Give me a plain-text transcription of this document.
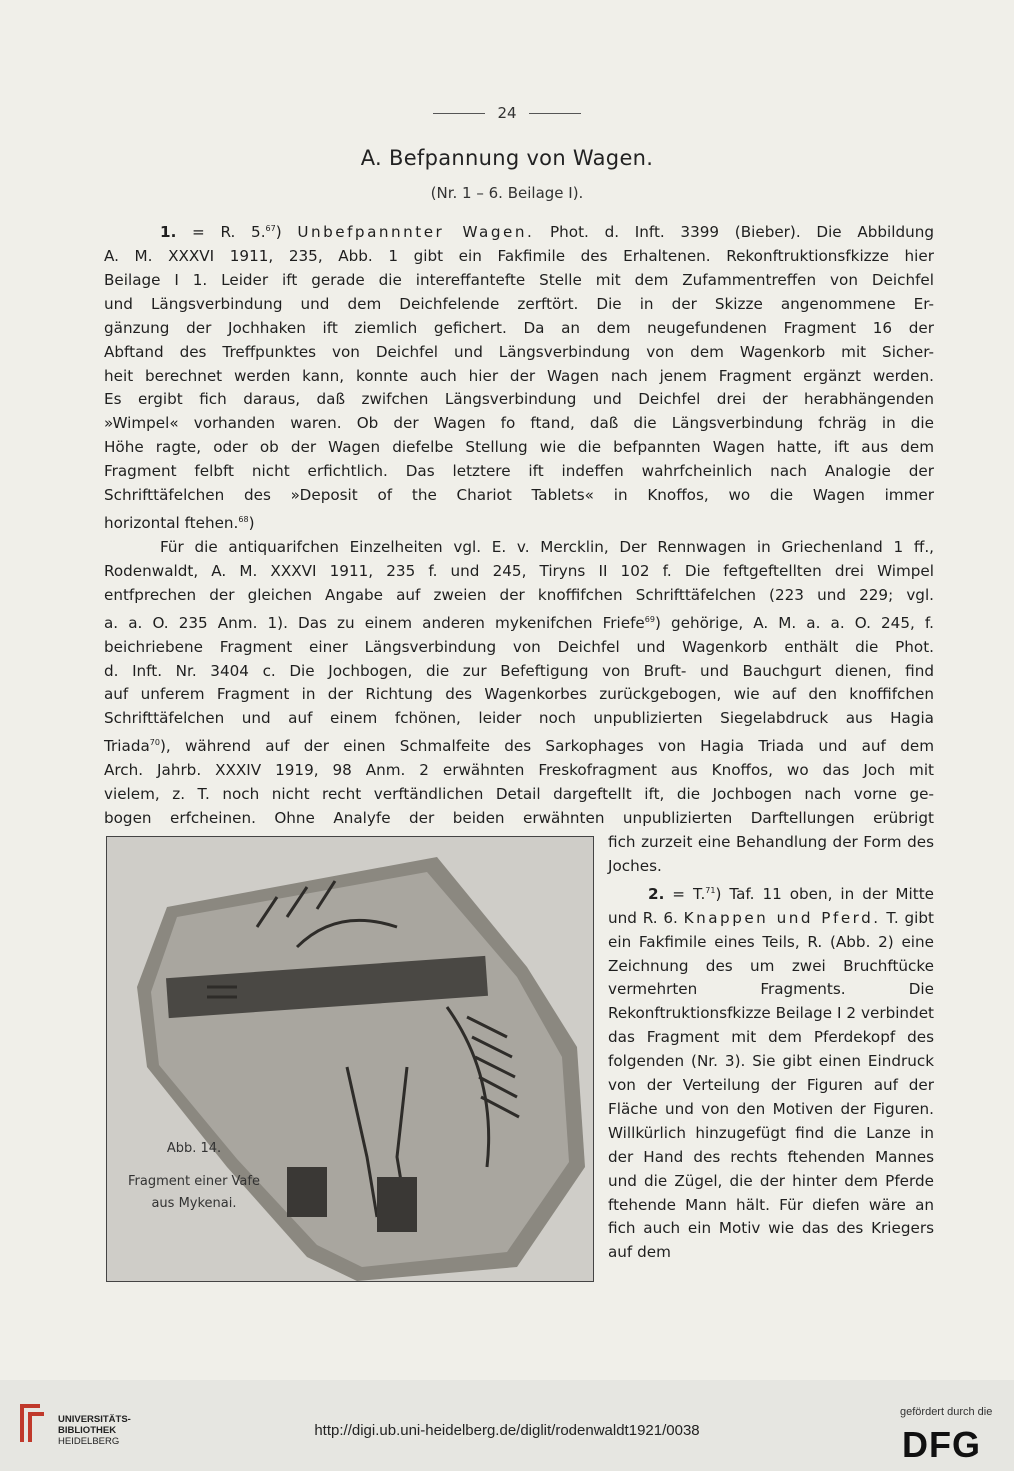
24
A. Befpannung von Wagen.
(Nr. 1 – 6. Beilage I).

1. = R. 5.67) Unbefpannnter Wagen. Phot. d. Inft. 3399 (Bieber). Die Abbildung

A. M. XXXVI 1911, 235, Abb. 1 gibt ein Fakfimile des Erhaltenen. Rekonftruktionsfkizze hier

Beilage I 1. Leider ift gerade die intereffantefte Stelle mit dem Zufammentreffen von Deichfel

und Längsverbindung und dem Deichfelende zerftört. Die in der Skizze angenommene Er-

gänzung der Jochhaken ift ziemlich gefichert. Da an dem neugefundenen Fragment 16 der

Abftand des Treffpunktes von Deichfel und Längsverbindung von dem Wagenkorb mit Sicher-

heit berechnet werden kann, konnte auch hier der Wagen nach jenem Fragment ergänzt werden.

Es ergibt fich daraus, daß zwifchen Längsverbindung und Deichfel drei der herabhängenden

»Wimpel« vorhanden waren. Ob der Wagen fo ftand, daß die Längsverbindung fchräg in die

Höhe ragte, oder ob der Wagen diefelbe Stellung wie die befpannten Wagen hatte, ift aus dem

Fragment felbft nicht erfichtlich. Das letztere ift indeffen wahrfcheinlich nach Analogie der

Schrifttäfelchen des »Deposit of the Chariot Tablets« in Knoffos, wo die Wagen immer

horizontal ftehen.$^{68}$)

Für die antiquarifchen Einzelheiten vgl. E. v. Mercklin, Der Rennwagen in Griechenland 1 ff.,

Rodenwaldt, A. M. XXXVI 1911, 235 f. und 245, Tiryns II 102 f. Die feftgeftellten drei Wimpel

entfprechen der gleichen Angabe auf zweien der knoffifchen Schrifttäfelchen (223 und 229; vgl.

a. a. O. 235 Anm. 1). Das zu einem anderen mykenifchen Friefe$^{69}$) gehörige, A. M. a. a. O. 245, f.

beichriebene Fragment einer Längsverbindung von Deichfel und Wagenkorb enthält die Phot.

d. Inft. Nr. 3404 c. Die Jochbogen, die zur Befeftigung von Bruft- und Bauchgurt dienen, find

auf unferem Fragment in der Richtung des Wagenkorbes zurückgebogen, wie auf den knoffifchen

Schrifttäfelchen und auf einem fchönen, leider noch unpublizierten Siegelabdruck aus Hagia

Triada$^{70}$), während auf der einen Schmalfeite des Sarkophages von Hagia Triada und auf dem

Arch. Jahrb. XXXIV 1919, 98 Anm. 2 erwähnten Freskofragment aus Knoffos, wo das Joch mit

vielem, z. T. noch nicht recht verftändlichen Detail dargeftellt ift, die Jochbogen nach vorne ge-

bogen erfcheinen. Ohne Analyfe der beiden erwähnten unpublizierten Darftellungen erübrigt

Abb. 14.
Fragment einer Vafe
aus Mykenai.

fich zurzeit eine Behandlung der Form des Joches.

2. = T.$^{71}$) Taf. 11 oben, in der Mitte und R. 6. Knappen und Pferd. T. gibt ein Fakfimile eines Teils, R. (Abb. 2) eine Zeichnung des um zwei Bruchftücke vermehrten Fragments. Die Rekonftruktionsfkizze Beilage I 2 verbindet das Fragment mit dem Pferdekopf des folgenden (Nr. 3). Sie gibt einen Eindruck von der Verteilung der Figuren auf der Fläche und von den Motiven der Figuren. Willkürlich hinzugefügt find die Lanze in der Hand des rechts ftehenden Mannes und die Zügel, die der hinter dem Pferde ftehende Mann hält. Für diefen wäre an fich auch ein Motiv wie das des Kriegers auf dem

UNIVERSITÄTS-
BIBLIOTHEK
HEIDELBERG
http://digi.ub.uni-heidelberg.de/diglit/rodenwaldt1921/0038
gefördert durch die
DFG
